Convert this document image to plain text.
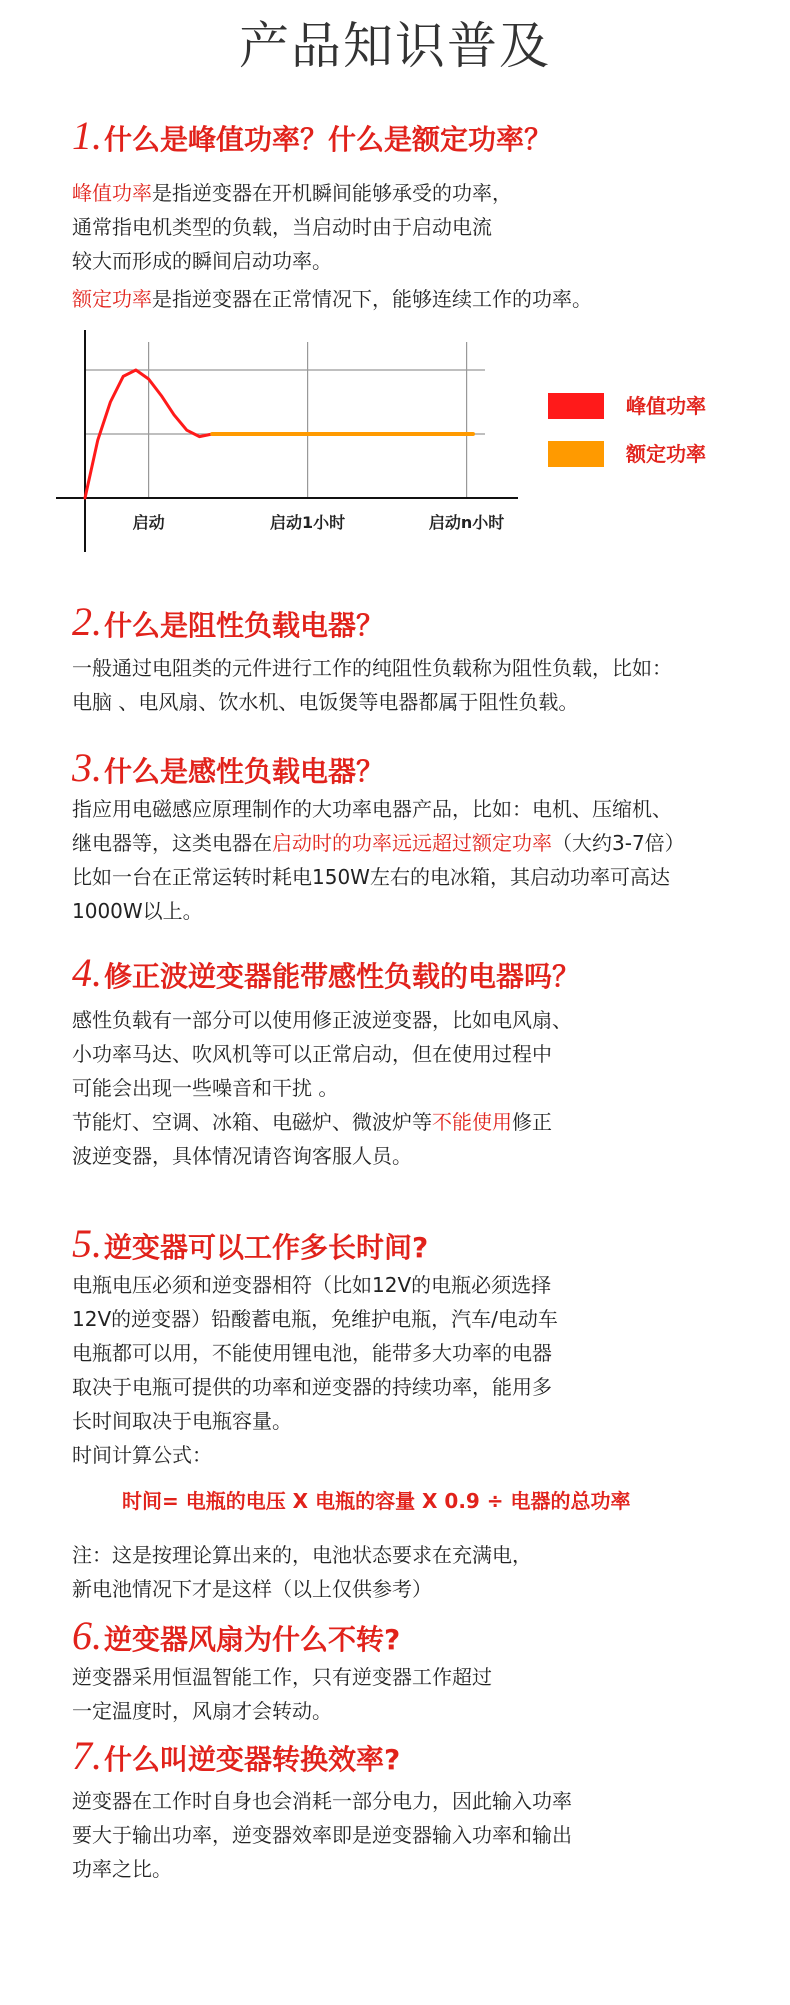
产品知识普及
1.什么是峰值功率？什么是额定功率？
峰值功率是指逆变器在开机瞬间能够承受的功率，
通常指电机类型的负载，当启动时由于启动电流
较大而形成的瞬间启动功率。
额定功率是指逆变器在正常情况下，能够连续工作的功率。
启动	启动1小时	启动n小时
峰值功率
额定功率
2.什么是阻性负载电器？
一般通过电阻类的元件进行工作的纯阻性负载称为阻性负载，比如：
电脑 、电风扇、饮水机、电饭煲等电器都属于阻性负载。
3.什么是感性负载电器？
指应用电磁感应原理制作的大功率电器产品，比如：电机、压缩机、
继电器等，这类电器在启动时的功率远远超过额定功率（大约3-7倍）
比如一台在正常运转时耗电150W左右的电冰箱，其启动功率可高达
1000W以上。
4.修正波逆变器能带感性负载的电器吗？
感性负载有一部分可以使用修正波逆变器，比如电风扇、
小功率马达、吹风机等可以正常启动，但在使用过程中
可能会出现一些噪音和干扰 。
节能灯、空调、冰箱、电磁炉、微波炉等不能使用修正
波逆变器，具体情况请咨询客服人员。
5.逆变器可以工作多长时间?
电瓶电压必须和逆变器相符（比如12V的电瓶必须选择
12V的逆变器）铅酸蓄电瓶，免维护电瓶，汽车/电动车
电瓶都可以用，不能使用锂电池，能带多大功率的电器
取决于电瓶可提供的功率和逆变器的持续功率，能用多
长时间取决于电瓶容量。
时间计算公式：
时间= 电瓶的电压 X 电瓶的容量 X 0.9 ÷ 电器的总功率
注：这是按理论算出来的，电池状态要求在充满电，
新电池情况下才是这样（以上仅供参考）
6.逆变器风扇为什么不转?
逆变器采用恒温智能工作，只有逆变器工作超过
一定温度时，风扇才会转动。
7.什么叫逆变器转换效率?
逆变器在工作时自身也会消耗一部分电力，因此输入功率
要大于输出功率，逆变器效率即是逆变器输入功率和输出
功率之比。
